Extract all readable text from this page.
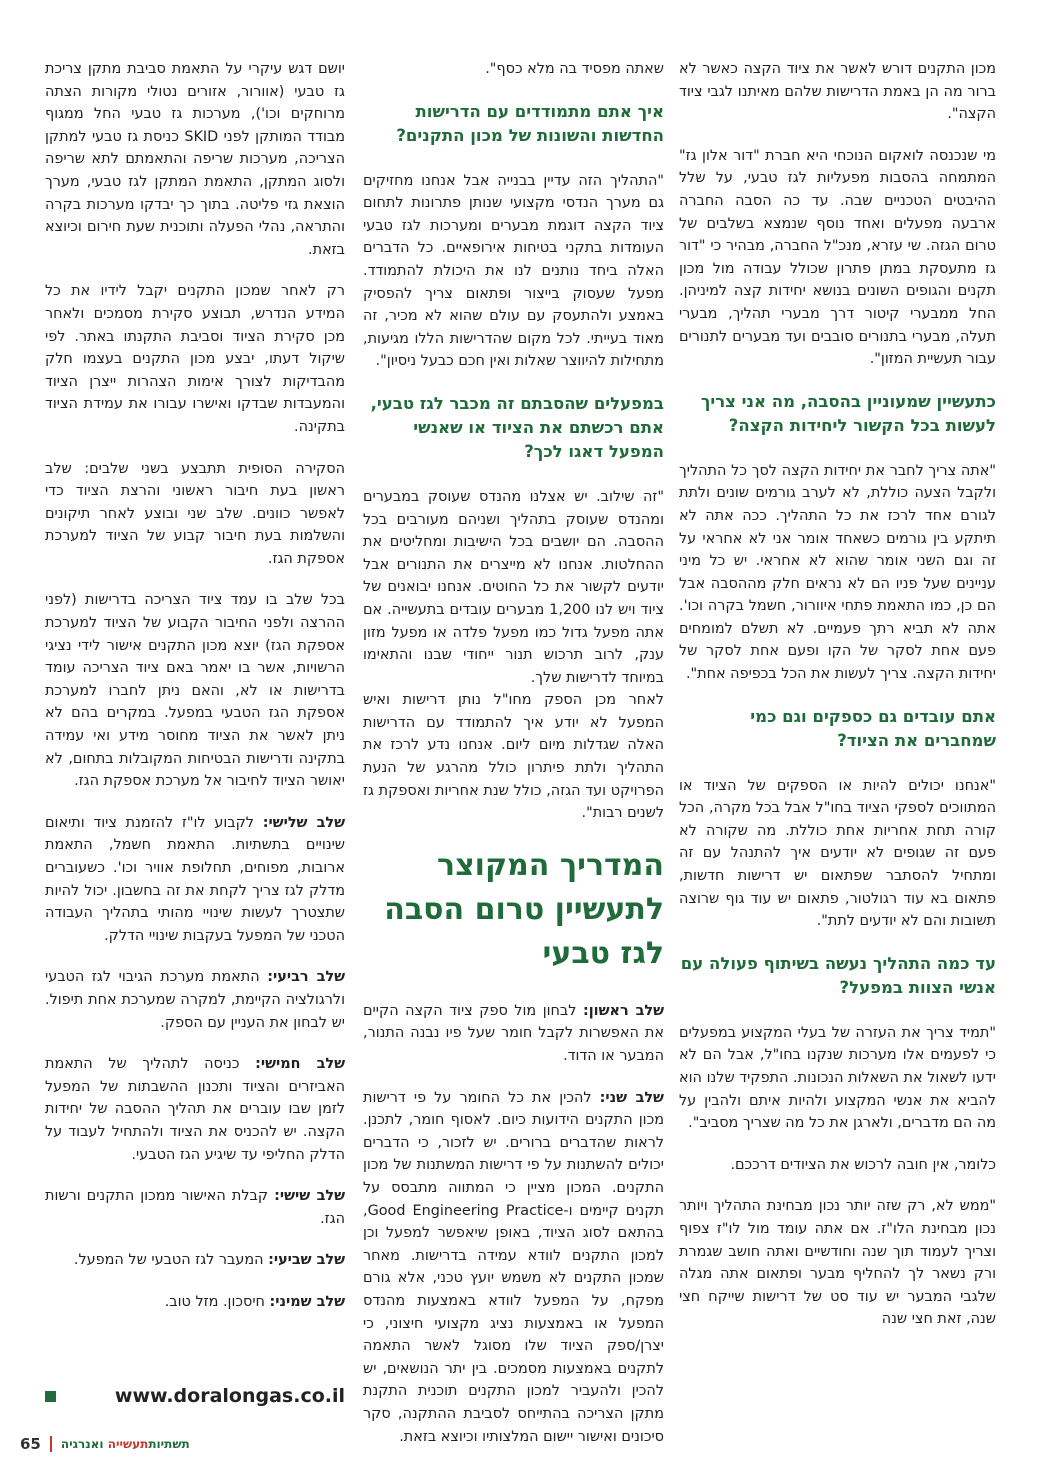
מכון התקנים דורש לאשר את ציוד הקצה כאשר לא ברור מה הן באמת הדרישות שלהם מאיתנו לגבי ציוד הקצה".

מי שנכנסה לואקום הנוכחי היא חברת "דור אלון גז" המתמחה בהסבות מפעליות לגז טבעי, על שלל ההיבטים הטכניים שבה. עד כה הסבה החברה ארבעה מפעלים ואחד נוסף שנמצא בשלבים של טרום הגזה. שי עזרא, מנכ"ל החברה, מבהיר כי "דור גז מתעסקת במתן פתרון שכולל עבודה מול מכון תקנים והגופים השונים בנושא יחידות קצה למיניהן. החל ממבערי קיטור דרך מבערי תהליך, מבערי תעלה, מבערי בתנורים סובבים ועד מבערים לתנורים עבור תעשיית המזון".

כתעשיין שמעוניין בהסבה, מה אני צריך לעשות בכל הקשור ליחידות הקצה?

"אתה צריך לחבר את יחידות הקצה לסך כל התהליך ולקבל הצעה כוללת, לא לערב גורמים שונים ולתת לגורם אחד לרכז את כל התהליך. ככה אתה לא תיתקע בין גורמים כשאחד אומר אני לא אחראי על זה וגם השני אומר שהוא לא אחראי. יש כל מיני עניינים שעל פניו הם לא נראים חלק מההסבה אבל הם כן, כמו התאמת פתחי איוורור, חשמל בקרה וכו'. אתה לא תביא רתך פעמיים. לא תשלם למומחים פעם אחת לסקר של הקו ופעם אחת לסקר של יחידות הקצה. צריך לעשות את הכל בכפיפה אחת".

אתם עובדים גם כספקים וגם כמי שמחברים את הציוד?

"אנחנו יכולים להיות או הספקים של הציוד או המתווכים לספקי הציוד בחו"ל אבל בכל מקרה, הכל קורה תחת אחריות אחת כוללת. מה שקורה לא פעם זה שגופים לא יודעים איך להתנהל עם זה ומתחיל להסתבר שפתאום יש דרישות חדשות, פתאום בא עוד רגולטור, פתאום יש עוד גוף שרוצה תשובות והם לא יודעים לתת".

עד כמה התהליך נעשה בשיתוף פעולה עם אנשי הצוות במפעל?

"תמיד צריך את העזרה של בעלי המקצוע במפעלים כי לפעמים אלו מערכות שנקנו בחו"ל, אבל הם לא ידעו לשאול את השאלות הנכונות. התפקיד שלנו הוא להביא את אנשי המקצוע ולהיות איתם ולהבין על מה הם מדברים, ולארגן את כל מה שצריך מסביב".

כלומר, אין חובה לרכוש את הציודים דרככם.

"ממש לא, רק שזה יותר נכון מבחינת התהליך ויותר נכון מבחינת הלו"ז. אם אתה עומד מול לו"ז צפוף וצריך לעמוד תוך שנה וחודשיים ואתה חושב שגמרת ורק נשאר לך להחליף מבער ופתאום אתה מגלה שלגבי המבער יש עוד סט של דרישות שייקח חצי שנה, זאת חצי שנה

שאתה מפסיד בה מלא כסף".

איך אתם מתמודדים עם הדרישות החדשות והשונות של מכון התקנים?

"התהליך הזה עדיין בבנייה אבל אנחנו מחזיקים גם מערך הנדסי מקצועי שנותן פתרונות לתחום ציוד הקצה דוגמת מבערים ומערכות לגז טבעי העומדות בתקני בטיחות אירופאיים. כל הדברים האלה ביחד נותנים לנו את היכולת להתמודד. מפעל שעסוק בייצור ופתאום צריך להפסיק באמצע ולהתעסק עם עולם שהוא לא מכיר, זה מאוד בעייתי. לכל מקום שהדרישות הללו מגיעות, מתחילות להיווצר שאלות ואין חכם כבעל ניסיון".

במפעלים שהסבתם זה מכבר לגז טבעי, אתם רכשתם את הציוד או שאנשי המפעל דאגו לכך?

"זה שילוב. יש אצלנו מהנדס שעוסק במבערים ומהנדס שעוסק בתהליך ושניהם מעורבים בכל ההסבה. הם יושבים בכל הישיבות ומחליטים את ההחלטות. אנחנו לא מייצרים את התנורים אבל יודעים לקשור את כל החוטים. אנחנו יבואנים של ציוד ויש לנו 1,200 מבערים עובדים בתעשייה. אם אתה מפעל גדול כמו מפעל פלדה או מפעל מזון ענק, לרוב תרכוש תנור ייחודי שבנו והתאימו במיוחד לדרישות שלך.

לאחר מכן הספק מחו"ל נותן דרישות ואיש המפעל לא יודע איך להתמודד עם הדרישות האלה שגדלות מיום ליום. אנחנו נדע לרכז את התהליך ולתת פיתרון כולל מהרגע של הנעת הפרויקט ועד הגזה, כולל שנת אחריות ואספקת גז לשנים רבות".

המדריך המקוצר לתעשיין טרום הסבה לגז טבעי

שלב ראשון: לבחון מול ספק ציוד הקצה הקיים את האפשרות לקבל חומר שעל פיו נבנה התנור, המבער או הדוד.

שלב שני: להכין את כל החומר על פי דרישות מכון התקנים הידועות כיום. לאסוף חומר, לתכנן. לראות שהדברים ברורים. יש לזכור, כי הדברים יכולים להשתנות על פי דרישות המשתנות של מכון התקנים. המכון מציין כי המתווה מתבסס על תקנים קיימים ו-Good Engineering Practice, בהתאם לסוג הציוד, באופן שיאפשר למפעל וכן למכון התקנים לוודא עמידה בדרישות. מאחר שמכון התקנים לא משמש יועץ טכני, אלא גורם מפקח, על המפעל לוודא באמצעות מהנדס המפעל או באמצעות נציג מקצועי חיצוני, כי יצרן/ספק הציוד שלו מסוגל לאשר התאמה לתקנים באמצעות מסמכים. בין יתר הנושאים, יש להכין ולהעביר למכון התקנים תוכנית התקנת מתקן הצריכה בהתייחס לסביבת ההתקנה, סקר סיכונים ואישור יישום המלצותיו וכיוצא בזאת.

יושם דגש עיקרי על התאמת סביבת מתקן צריכת גז טבעי (אוורור, אזורים נטולי מקורות הצתה מרוחקים וכו'), מערכות גז טבעי החל ממגוף מבודד המותקן לפני SKID כניסת גז טבעי למתקן הצריכה, מערכות שריפה והתאמתם לתא שריפה ולסוג המתקן, התאמת המתקן לגז טבעי, מערך הוצאת גזי פליטה. בתוך כך יבדקו מערכות בקרה והתראה, נהלי הפעלה ותוכנית שעת חירום וכיוצא בזאת.

רק לאחר שמכון התקנים יקבל לידיו את כל המידע הנדרש, תבוצע סקירת מסמכים ולאחר מכן סקירת הציוד וסביבת התקנתו באתר. לפי שיקול דעתו, יבצע מכון התקנים בעצמו חלק מהבדיקות לצורך אימות הצהרות ייצרן הציוד והמעבדות שבדקו ואישרו עבורו את עמידת הציוד בתקינה.

הסקירה הסופית תתבצע בשני שלבים: שלב ראשון בעת חיבור ראשוני והרצת הציוד כדי לאפשר כוונים. שלב שני ובוצע לאחר תיקונים והשלמות בעת חיבור קבוע של הציוד למערכת אספקת הגז.

בכל שלב בו עמד ציוד הצריכה בדרישות (לפני ההרצה ולפני החיבור הקבוע של הציוד למערכת אספקת הגז) יוצא מכון התקנים אישור לידי נציגי הרשויות, אשר בו יאמר באם ציוד הצריכה עומד בדרישות או לא, והאם ניתן לחברו למערכת אספקת הגז הטבעי במפעל. במקרים בהם לא ניתן לאשר את הציוד מחוסר מידע ואי עמידה בתקינה ודרישות הבטיחות המקובלות בתחום, לא יאושר הציוד לחיבור אל מערכת אספקת הגז.

שלב שלישי: לקבוע לו"ז להזמנת ציוד ותיאום שינויים בתשתיות. התאמת חשמל, התאמת ארובות, מפוחים, תחלופת אוויר וכו'. כשעוברים מדלק לגז צריך לקחת את זה בחשבון. יכול להיות שתצטרך לעשות שינויי מהותי בתהליך העבודה הטכני של המפעל בעקבות שינויי הדלק.

שלב רביעי: התאמת מערכת הגיבוי לגז הטבעי ולרגולציה הקיימת, למקרה שמערכת אחת תיפול. יש לבחון את העניין עם הספק.

שלב חמישי: כניסה לתהליך של התאמת האביזרים והציוד ותכנון ההשבתות של המפעל לזמן שבו עוברים את תהליך ההסבה של יחידות הקצה. יש להכניס את הציוד ולהתחיל לעבוד על הדלק החליפי עד שיגיע הגז הטבעי.

שלב שישי: קבלת האישור ממכון התקנים ורשות הגז.

שלב שביעי: המעבר לגז הטבעי של המפעל.

שלב שמיני: חיסכון. מזל טוב.

www.doralongas.co.il
65	תשתיותתעשייה ואנרגיה
